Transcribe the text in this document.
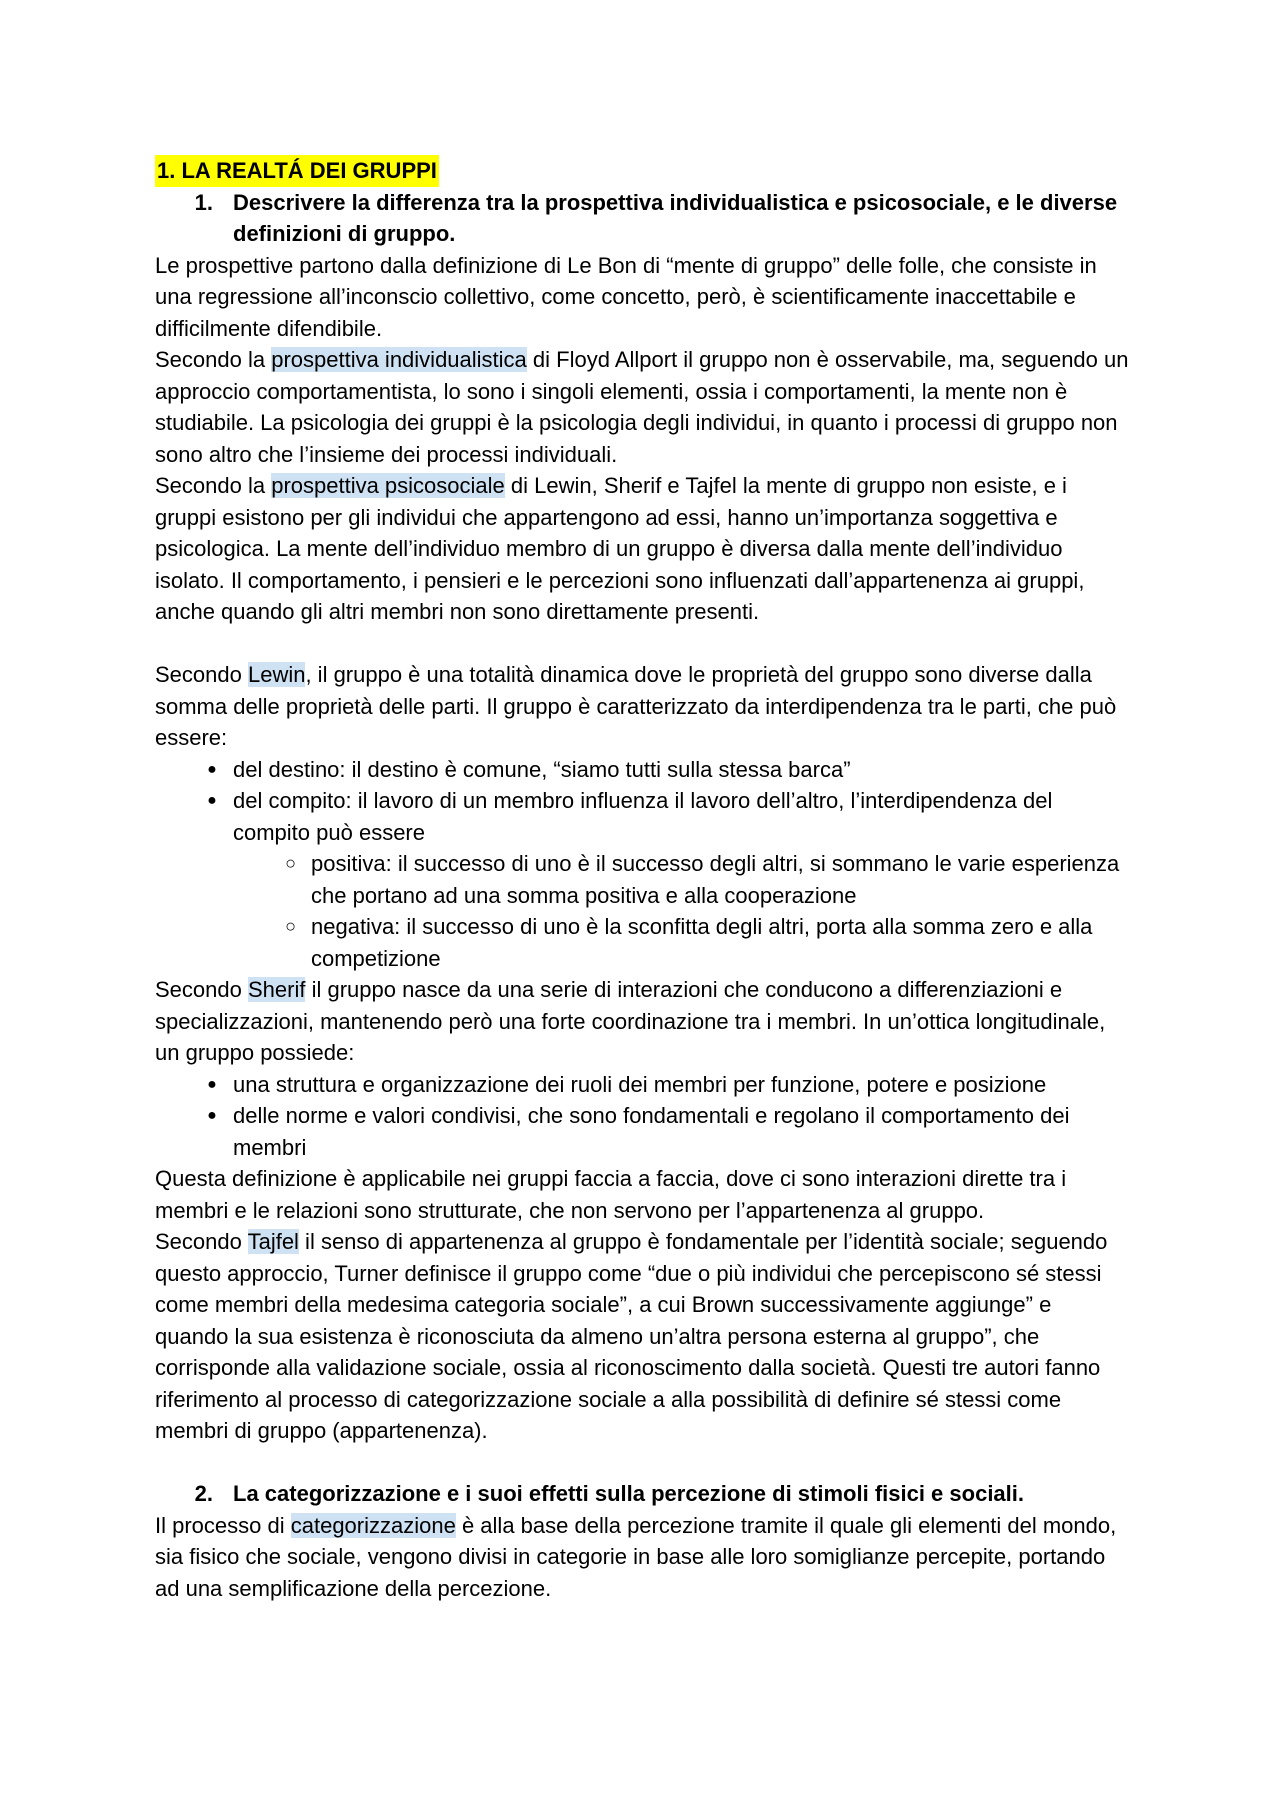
1. LA REALTÁ DEI GRUPPI

1. Descrivere la differenza tra la prospettiva individualistica e psicosociale, e le diverse definizioni di gruppo.

Le prospettive partono dalla definizione di Le Bon di “mente di gruppo” delle folle, che consiste in una regressione all’inconscio collettivo, come concetto, però, è scientificamente inaccettabile e difficilmente difendibile.

Secondo la prospettiva individualistica di Floyd Allport il gruppo non è osservabile, ma, seguendo un approccio comportamentista, lo sono i singoli elementi, ossia i comportamenti, la mente non è studiabile. La psicologia dei gruppi è la psicologia degli individui, in quanto i processi di gruppo non sono altro che l’insieme dei processi individuali.

Secondo la prospettiva psicosociale di Lewin, Sherif e Tajfel la mente di gruppo non esiste, e i gruppi esistono per gli individui che appartengono ad essi, hanno un’importanza soggettiva e psicologica. La mente dell’individuo membro di un gruppo è diversa dalla mente dell’individuo isolato. Il comportamento, i pensieri e le percezioni sono influenzati dall’appartenenza ai gruppi, anche quando gli altri membri non sono direttamente presenti.

Secondo Lewin, il gruppo è una totalità dinamica dove le proprietà del gruppo sono diverse dalla somma delle proprietà delle parti. Il gruppo è caratterizzato da interdipendenza tra le parti, che può essere:

● del destino: il destino è comune, “siamo tutti sulla stessa barca”
● del compito: il lavoro di un membro influenza il lavoro dell’altro, l’interdipendenza del compito può essere
○ positiva: il successo di uno è il successo degli altri, si sommano le varie esperienza che portano ad una somma positiva e alla cooperazione
○ negativa: il successo di uno è la sconfitta degli altri, porta alla somma zero e alla competizione

Secondo Sherif il gruppo nasce da una serie di interazioni che conducono a differenziazioni e specializzazioni, mantenendo però una forte coordinazione tra i membri. In un’ottica longitudinale, un gruppo possiede:

● una struttura e organizzazione dei ruoli dei membri per funzione, potere e posizione
● delle norme e valori condivisi, che sono fondamentali e regolano il comportamento dei membri

Questa definizione è applicabile nei gruppi faccia a faccia, dove ci sono interazioni dirette tra i membri e le relazioni sono strutturate, che non servono per l’appartenenza al gruppo.

Secondo Tajfel il senso di appartenenza al gruppo è fondamentale per l’identità sociale; seguendo questo approccio, Turner definisce il gruppo come “due o più individui che percepiscono sé stessi come membri della medesima categoria sociale”, a cui Brown successivamente aggiunge” e quando la sua esistenza è riconosciuta da almeno un’altra persona esterna al gruppo”, che corrisponde alla validazione sociale, ossia al riconoscimento dalla società. Questi tre autori fanno riferimento al processo di categorizzazione sociale a alla possibilità di definire sé stessi come membri di gruppo (appartenenza).

2. La categorizzazione e i suoi effetti sulla percezione di stimoli fisici e sociali.

Il processo di categorizzazione è alla base della percezione tramite il quale gli elementi del mondo, sia fisico che sociale, vengono divisi in categorie in base alle loro somiglianze percepite, portando ad una semplificazione della percezione.
